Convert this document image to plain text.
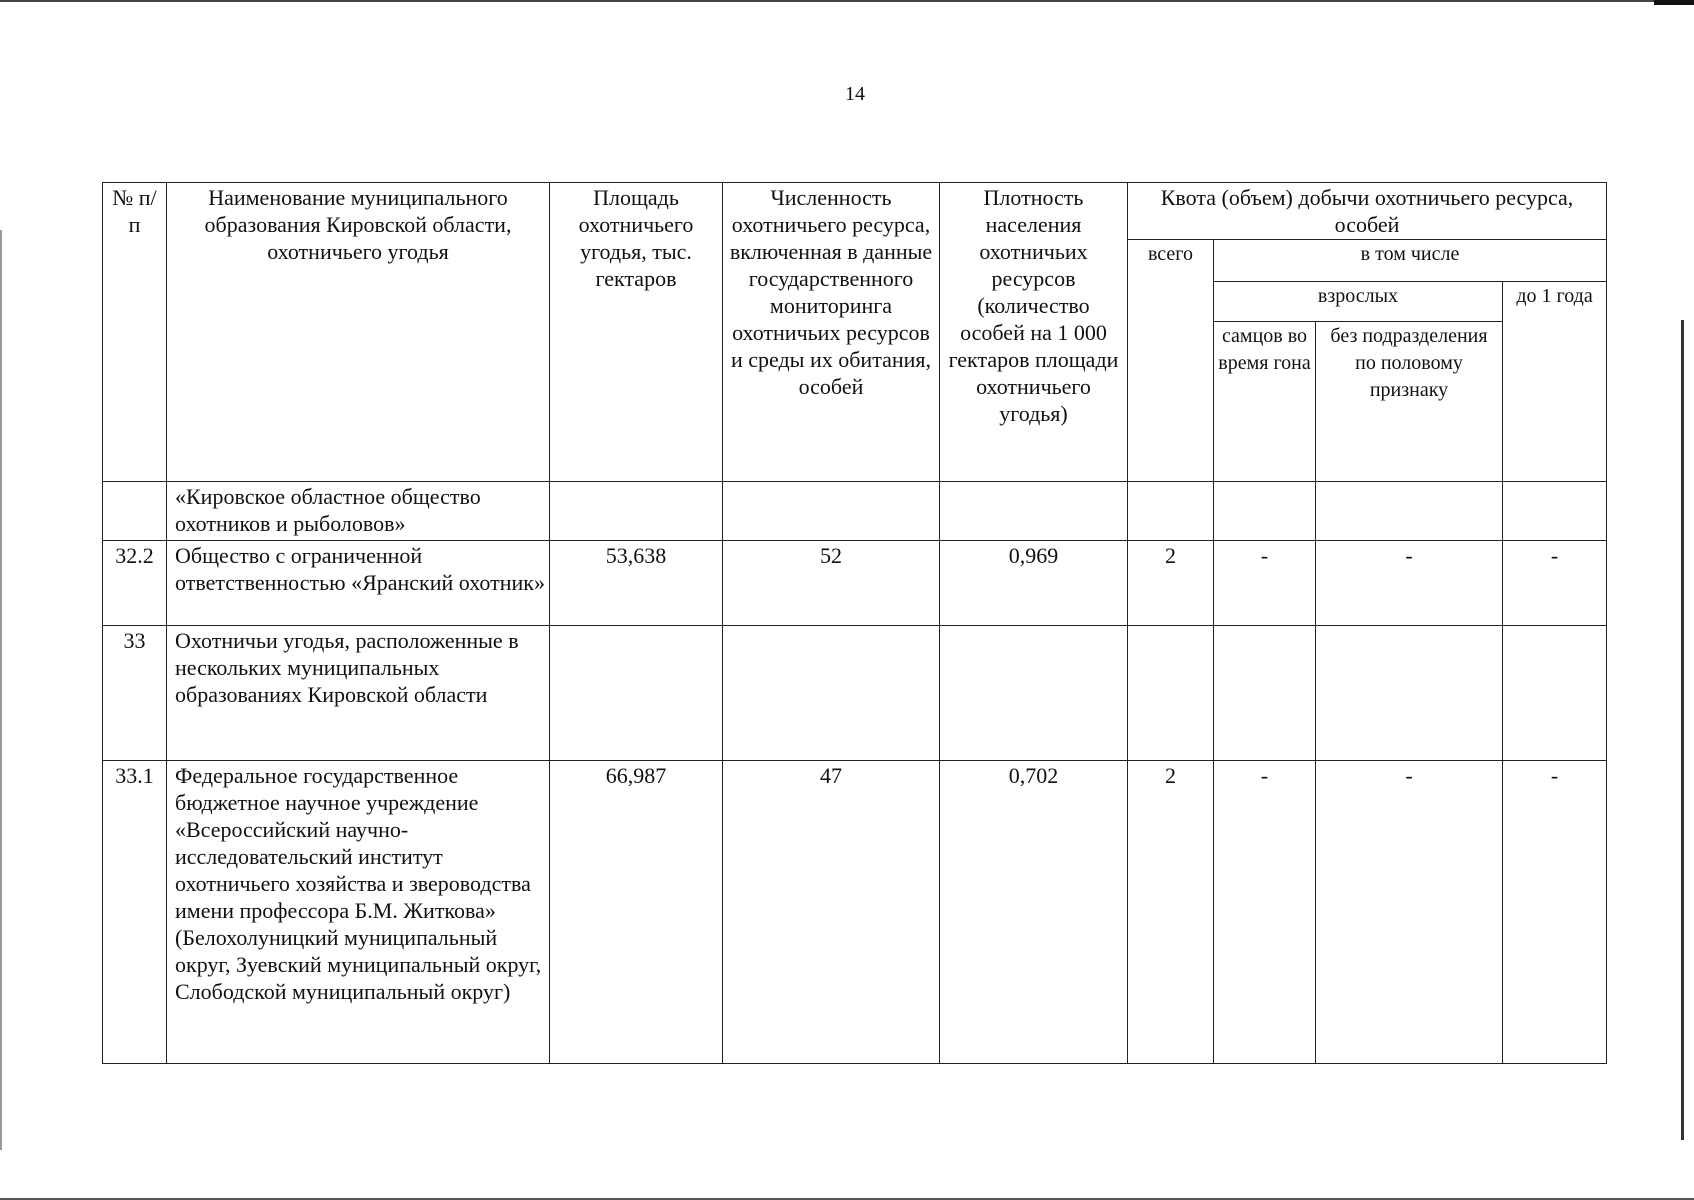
14
№ п/п	Наименование муниципального образования Кировской области, охотничьего угодья	Площадь охотничьего угодья, тыс. гектаров	Численность охотничьего ресурса, включенная в данные государственного мониторинга охотничьих ресурсов и среды их обитания, особей	Плотность населения охотничьих ресурсов (количество особей на 1 000 гектаров площади охотничьего угодья)	Квота (объем) добычи охотничьего ресурса, особей			
					всего	в том числе		
						взрослых		до 1 года
						самцов во время гона	без подразделения по половому признаку	
	«Кировское областное общество охотников и рыболовов»							
32.2	Общество с ограниченной ответственностью «Яранский охотник»	53,638	52	0,969	2	-	-	-
33	Охотничьи угодья, расположенные в нескольких муниципальных образованиях Кировской области							
33.1	Федеральное государственное бюджетное научное учреждение «Всероссийский научно-исследовательский институт охотничьего хозяйства и звероводства имени профессора Б.М. Житкова» (Белохолуницкий муниципальный округ, Зуевский муниципальный округ, Слободской муниципальный округ)	66,987	47	0,702	2	-	-	-
